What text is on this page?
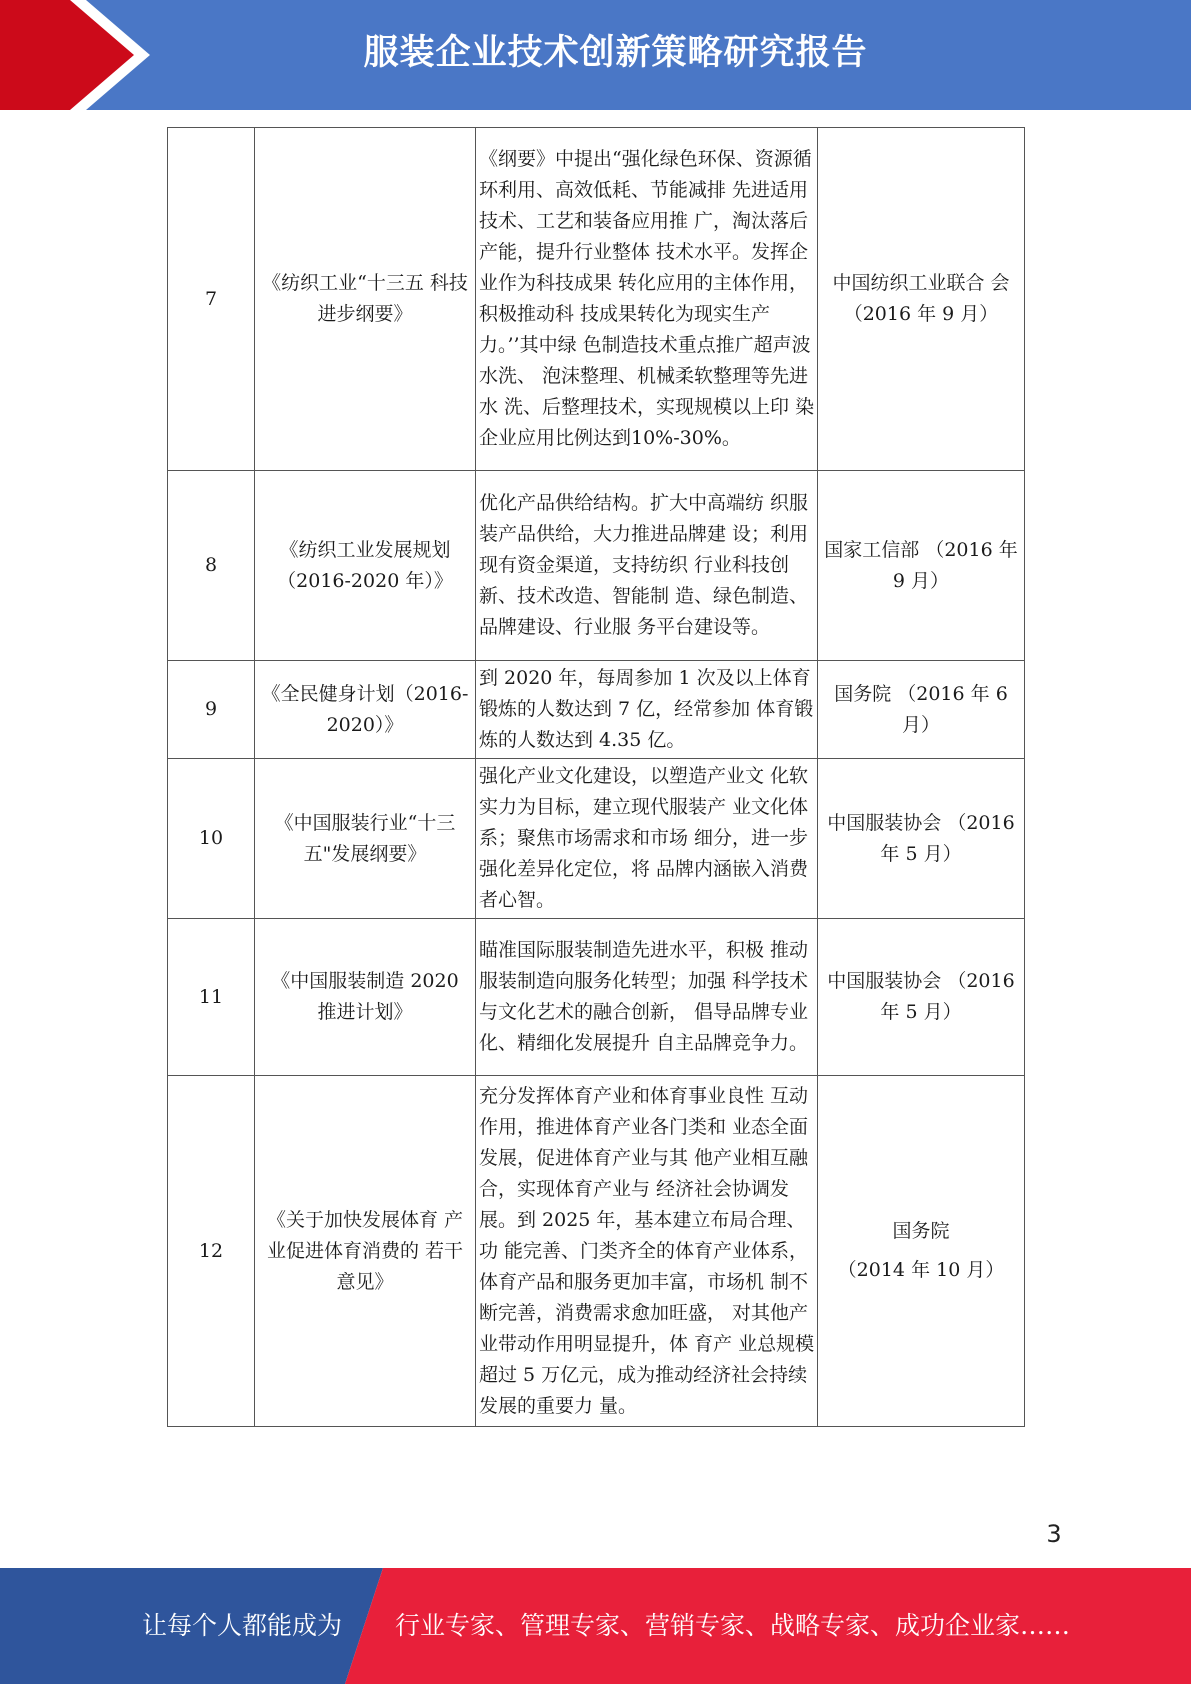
服装企业技术创新策略研究报告
7	《纺织工业“十三五 科技进步纲要》	《纲要》中提出“强化绿色环保、资源循环利用、高效低耗、节能减排 先进适用技术、工艺和装备应用推 广，淘汰落后产能，提升行业整体 技术水平。发挥企业作为科技成果 转化应用的主体作用，积极推动科 技成果转化为现实生产力。’’其中绿 色制造技术重点推广超声波水洗、 泡沫整理、机械柔软整理等先进水 洗、后整理技术，实现规模以上印 染企业应用比例达到10%-30%。	中国纺织工业联合 会（2016 年 9 月）
8	《纺织工业发展规划（2016-2020 年）》	优化产品供给结构。扩大中高端纺 织服装产品供给，大力推进品牌建 设；利用现有资金渠道，支持纺织 行业科技创新、技术改造、智能制 造、绿色制造、品牌建设、行业服 务平台建设等。	国家工信部 （2016 年 9 月）
9	《全民健身计划（2016-2020）》	到 2020 年，每周参加 1 次及以上体育锻炼的人数达到 7 亿，经常参加 体育锻炼的人数达到 4.35 亿。	国务院 （2016 年 6 月）
10	《中国服装行业“十三 五"发展纲要》	强化产业文化建设，以塑造产业文 化软实力为目标，建立现代服装产 业文化体系；聚焦市场需求和市场 细分，进一步强化差异化定位，将 品牌内涵嵌入消费者心智。	中国服装协会 （2016 年 5 月）
11	《中国服装制造 2020 推进计划》	瞄准国际服装制造先进水平，积极 推动服装制造向服务化转型；加强 科学技术与文化艺术的融合创新， 倡导品牌专业化、精细化发展提升 自主品牌竞争力。	中国服装协会 （2016 年 5 月）
12	《关于加快发展体育 产业促进体育消费的 若干意见》	充分发挥体育产业和体育事业良性 互动作用，推进体育产业各门类和 业态全面发展，促进体育产业与其 他产业相互融合，实现体育产业与 经济社会协调发展。到 2025 年，基本建立布局合理、功 能完善、门类齐全的体育产业体系， 体育产品和服务更加丰富，市场机 制不断完善，消费需求愈加旺盛， 对其他产业带动作用明显提升，体 育产 业总规模超过 5 万亿元，成为推动经济社会持续发展的重要力 量。	国务院
（2014 年 10 月）
3
让每个人都能成为 行业专家、管理专家、营销专家、战略专家、成功企业家……
